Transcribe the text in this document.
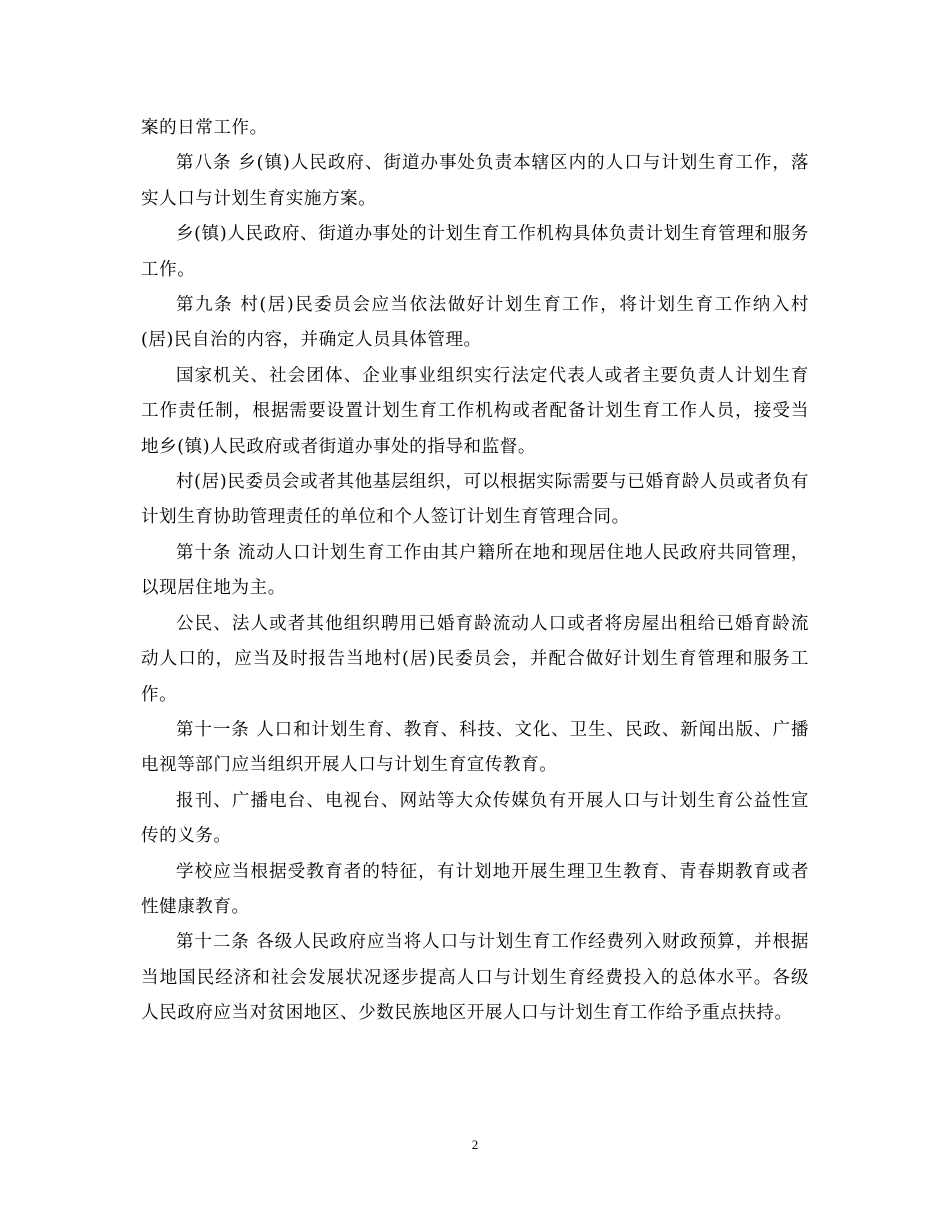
案的日常工作。

第八条 乡(镇)人民政府、街道办事处负责本辖区内的人口与计划生育工作，落实人口与计划生育实施方案。

乡(镇)人民政府、街道办事处的计划生育工作机构具体负责计划生育管理和服务工作。

第九条 村(居)民委员会应当依法做好计划生育工作，将计划生育工作纳入村(居)民自治的内容，并确定人员具体管理。

国家机关、社会团体、企业事业组织实行法定代表人或者主要负责人计划生育工作责任制，根据需要设置计划生育工作机构或者配备计划生育工作人员，接受当地乡(镇)人民政府或者街道办事处的指导和监督。

村(居)民委员会或者其他基层组织，可以根据实际需要与已婚育龄人员或者负有计划生育协助管理责任的单位和个人签订计划生育管理合同。

第十条 流动人口计划生育工作由其户籍所在地和现居住地人民政府共同管理，以现居住地为主。

公民、法人或者其他组织聘用已婚育龄流动人口或者将房屋出租给已婚育龄流动人口的，应当及时报告当地村(居)民委员会，并配合做好计划生育管理和服务工作。

第十一条 人口和计划生育、教育、科技、文化、卫生、民政、新闻出版、广播电视等部门应当组织开展人口与计划生育宣传教育。

报刊、广播电台、电视台、网站等大众传媒负有开展人口与计划生育公益性宣传的义务。

学校应当根据受教育者的特征，有计划地开展生理卫生教育、青春期教育或者性健康教育。

第十二条 各级人民政府应当将人口与计划生育工作经费列入财政预算，并根据当地国民经济和社会发展状况逐步提高人口与计划生育经费投入的总体水平。各级人民政府应当对贫困地区、少数民族地区开展人口与计划生育工作给予重点扶持。

2
